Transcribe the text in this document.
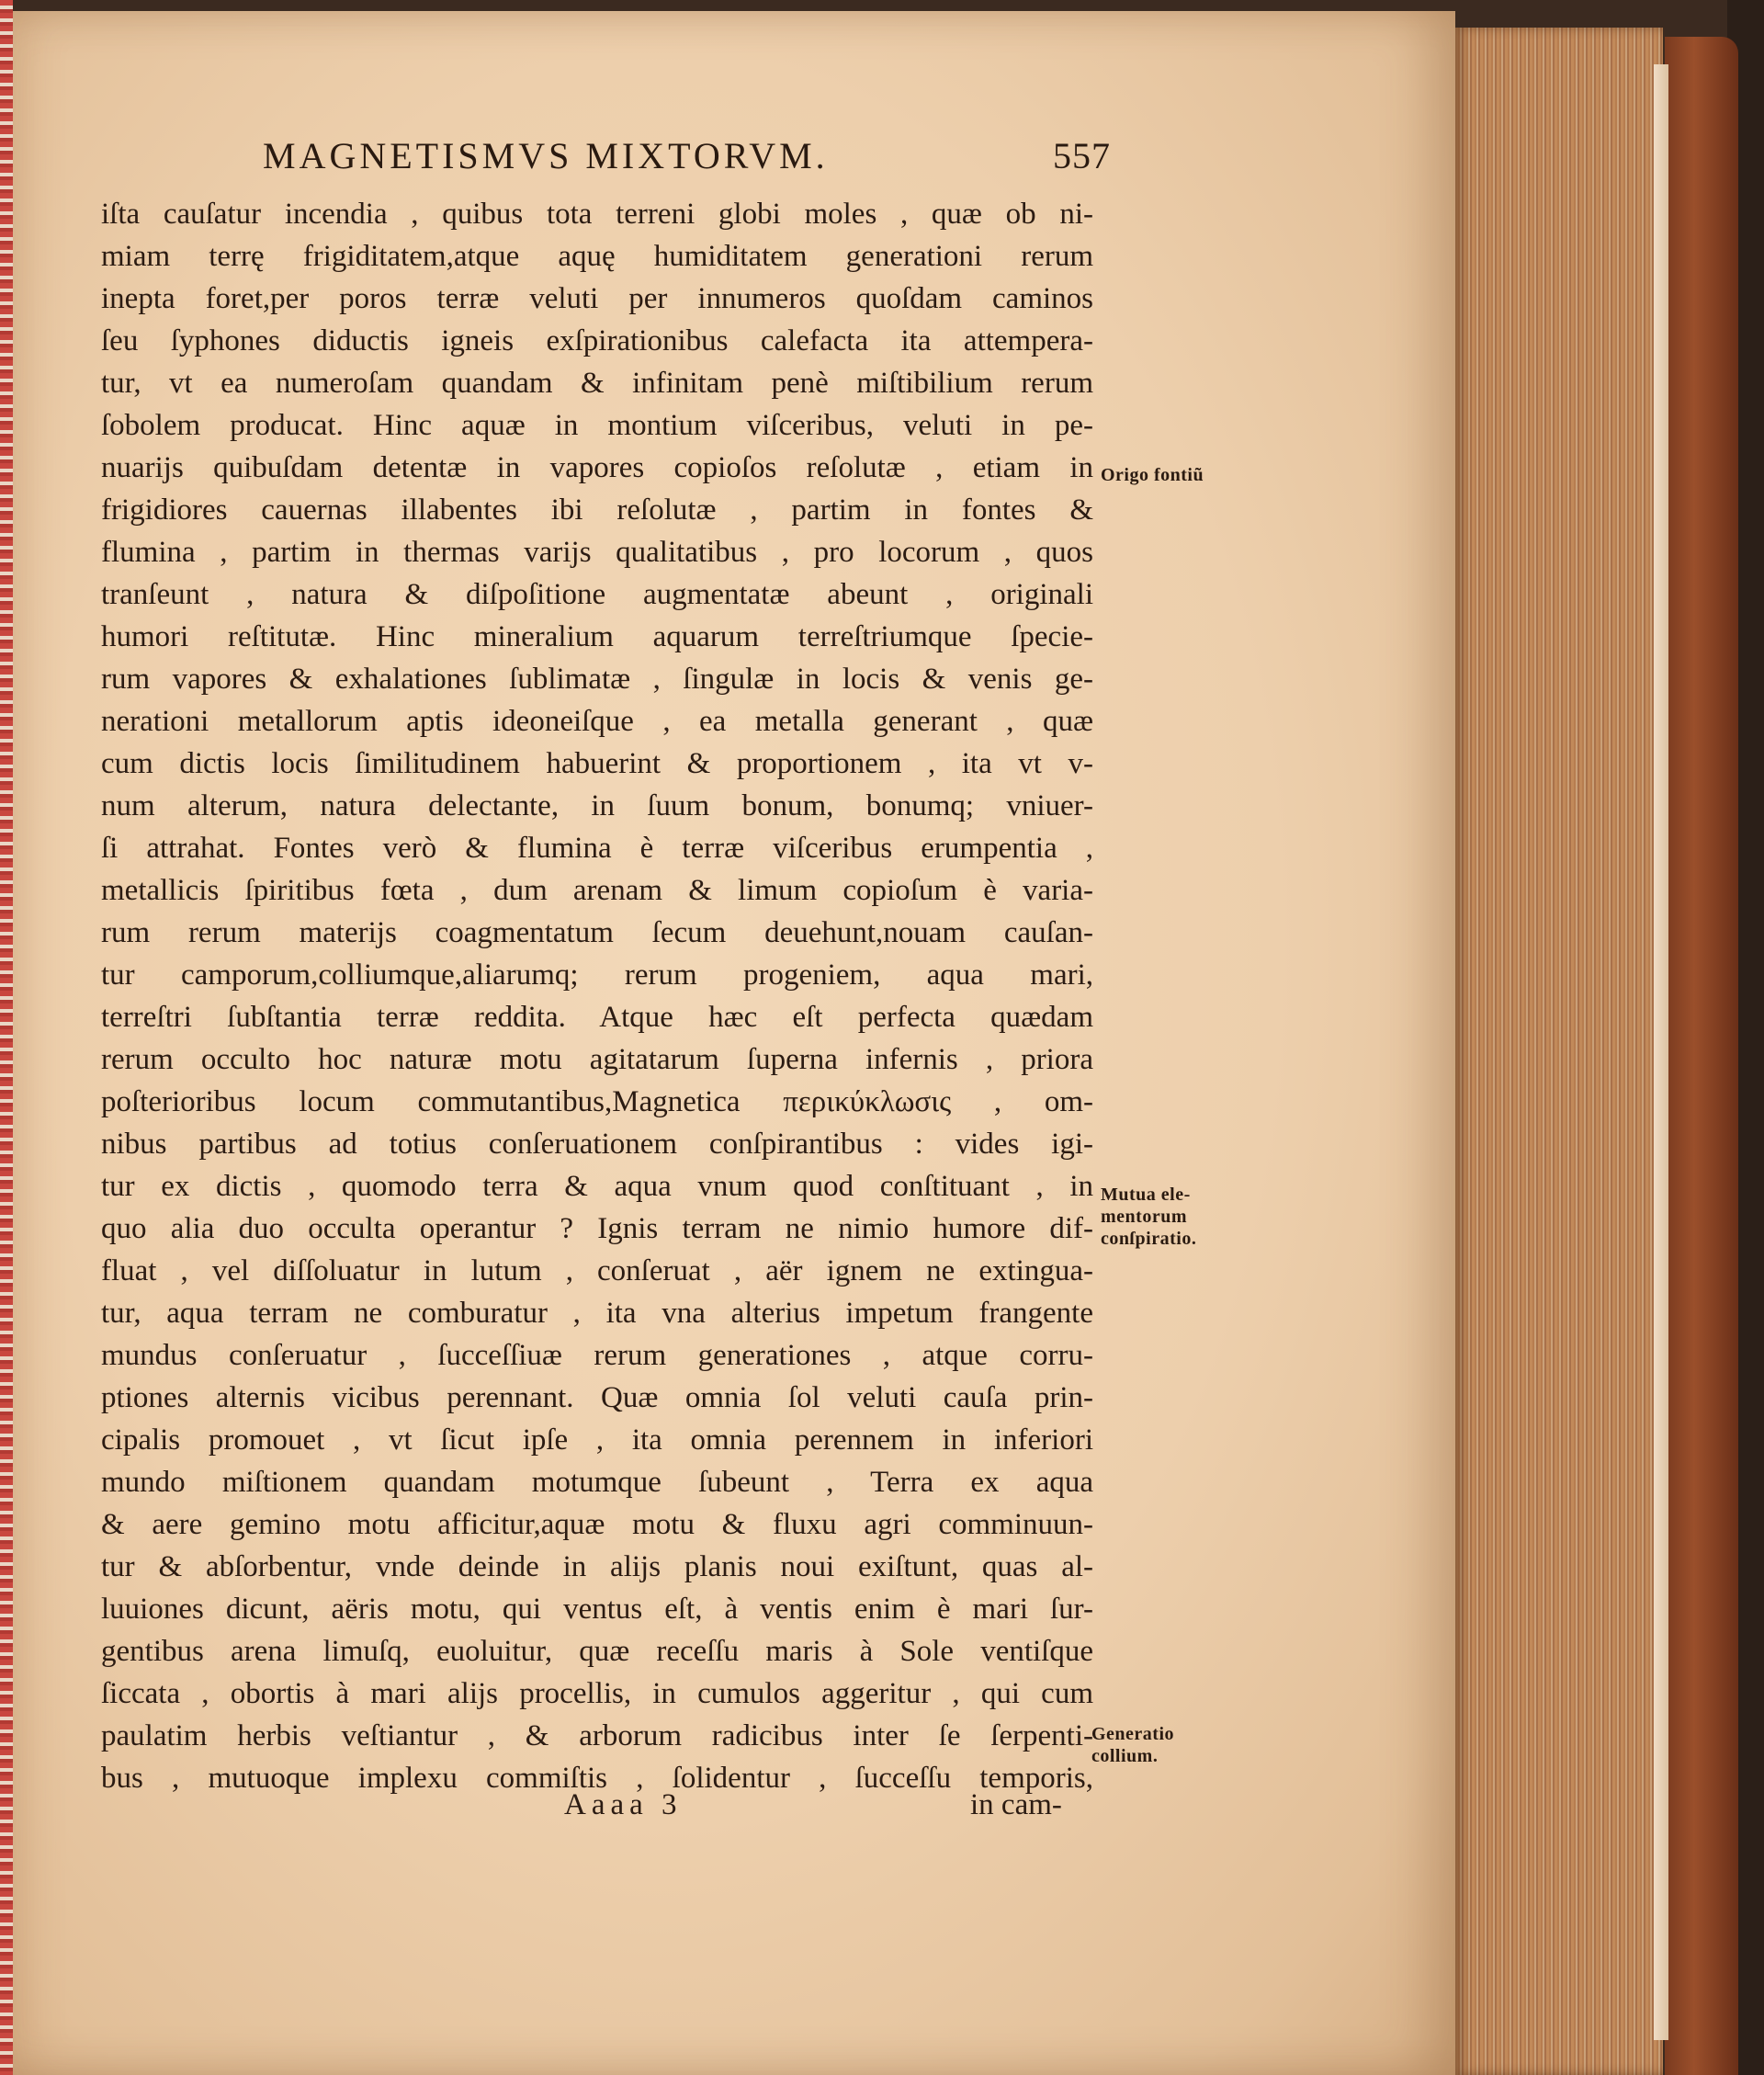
MAGNETISMVS MIXTORVM.	557
iſta cauſatur incendia , quibus tota terreni globi moles , quæ ob ni-
miam terrę frigiditatem,atque aquę humiditatem generationi rerum
inepta foret,per poros terræ veluti per innumeros quoſdam caminos
ſeu ſyphones diductis igneis exſpirationibus calefacta ita attempera-
tur, vt ea numeroſam quandam & infinitam penè miſtibilium rerum
ſobolem producat. Hinc aquæ in montium viſceribus, veluti in pe-
nuarijs quibuſdam detentæ in vapores copioſos reſolutæ , etiam in
frigidiores cauernas illabentes ibi reſolutæ , partim in fontes &
flumina , partim in thermas varijs qualitatibus , pro locorum , quos
tranſeunt , natura & diſpoſitione augmentatæ abeunt , originali
humori reſtitutæ. Hinc mineralium aquarum terreſtriumque ſpecie-
rum vapores & exhalationes ſublimatæ , ſingulæ in locis & venis ge-
nerationi metallorum aptis ideoneiſque , ea metalla generant , quæ
cum dictis locis ſimilitudinem habuerint & proportionem , ita vt v-
num alterum, natura delectante, in ſuum bonum, bonumq; vniuer-
ſi attrahat. Fontes verò & flumina è terræ viſceribus erumpentia ,
metallicis ſpiritibus fœta , dum arenam & limum copioſum è varia-
rum rerum materijs coagmentatum ſecum deuehunt,nouam cauſan-
tur camporum,colliumque,aliarumq; rerum progeniem, aqua mari,
terreſtri ſubſtantia terræ reddita. Atque hæc eſt perfecta quædam
rerum occulto hoc naturæ motu agitatarum ſuperna infernis , priora
poſterioribus locum commutantibus,Magnetica περικύκλωσις , om-
nibus partibus ad totius conſeruationem conſpirantibus : vides igi-
tur ex dictis , quomodo terra & aqua vnum quod conſtituant , in
quo alia duo occulta operantur ? Ignis terram ne nimio humore dif-
fluat , vel diſſoluatur in lutum , conſeruat , aër ignem ne extingua-
tur, aqua terram ne comburatur , ita vna alterius impetum frangente
mundus conſeruatur , ſucceſſiuæ rerum generationes , atque corru-
ptiones alternis vicibus perennant. Quæ omnia ſol veluti cauſa prin-
cipalis promouet , vt ſicut ipſe , ita omnia perennem in inferiori
mundo miſtionem quandam motumque ſubeunt , Terra ex aqua
& aere gemino motu afficitur,aquæ motu & fluxu agri comminuun-
tur & abſorbentur, vnde deinde in alijs planis noui exiſtunt, quas al-
luuiones dicunt, aëris motu, qui ventus eſt, à ventis enim è mari ſur-
gentibus arena limuſq, euoluitur, quæ receſſu maris à Sole ventiſque
ſiccata , obortis à mari alijs procellis, in cumulos aggeritur , qui cum
paulatim herbis veſtiantur , & arborum radicibus inter ſe ſerpenti-
bus , mutuoque implexu commiſtis , ſolidentur , ſucceſſu temporis,
Origo fontiũ
Mutua ele-
mentorum
conſpiratio.
Generatio
collium.
Aaaa 3	in cam-
